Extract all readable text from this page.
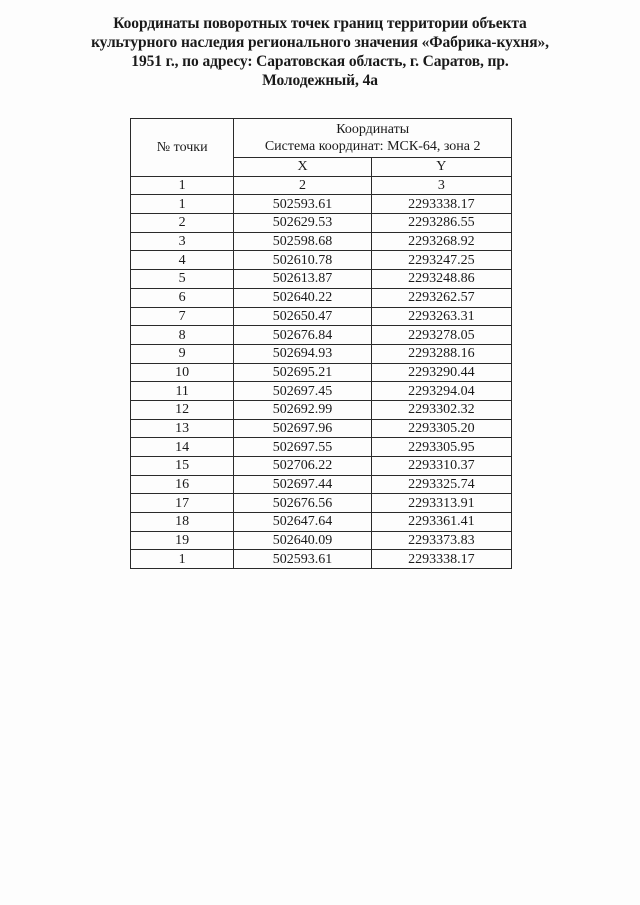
Координаты поворотных точек границ территории объекта
культурного наследия регионального значения «Фабрика-кухня»,
1951 г., по адресу: Саратовская область, г. Саратов, пр.
Молодежный, 4а
№ точки	Координаты
Система координат: МСК-64, зона 2	

	X	Y
1	2	3
1	502593.61	2293338.17
2	502629.53	2293286.55
3	502598.68	2293268.92
4	502610.78	2293247.25
5	502613.87	2293248.86
6	502640.22	2293262.57
7	502650.47	2293263.31
8	502676.84	2293278.05
9	502694.93	2293288.16
10	502695.21	2293290.44
11	502697.45	2293294.04
12	502692.99	2293302.32
13	502697.96	2293305.20
14	502697.55	2293305.95
15	502706.22	2293310.37
16	502697.44	2293325.74
17	502676.56	2293313.91
18	502647.64	2293361.41
19	502640.09	2293373.83
1	502593.61	2293338.17
